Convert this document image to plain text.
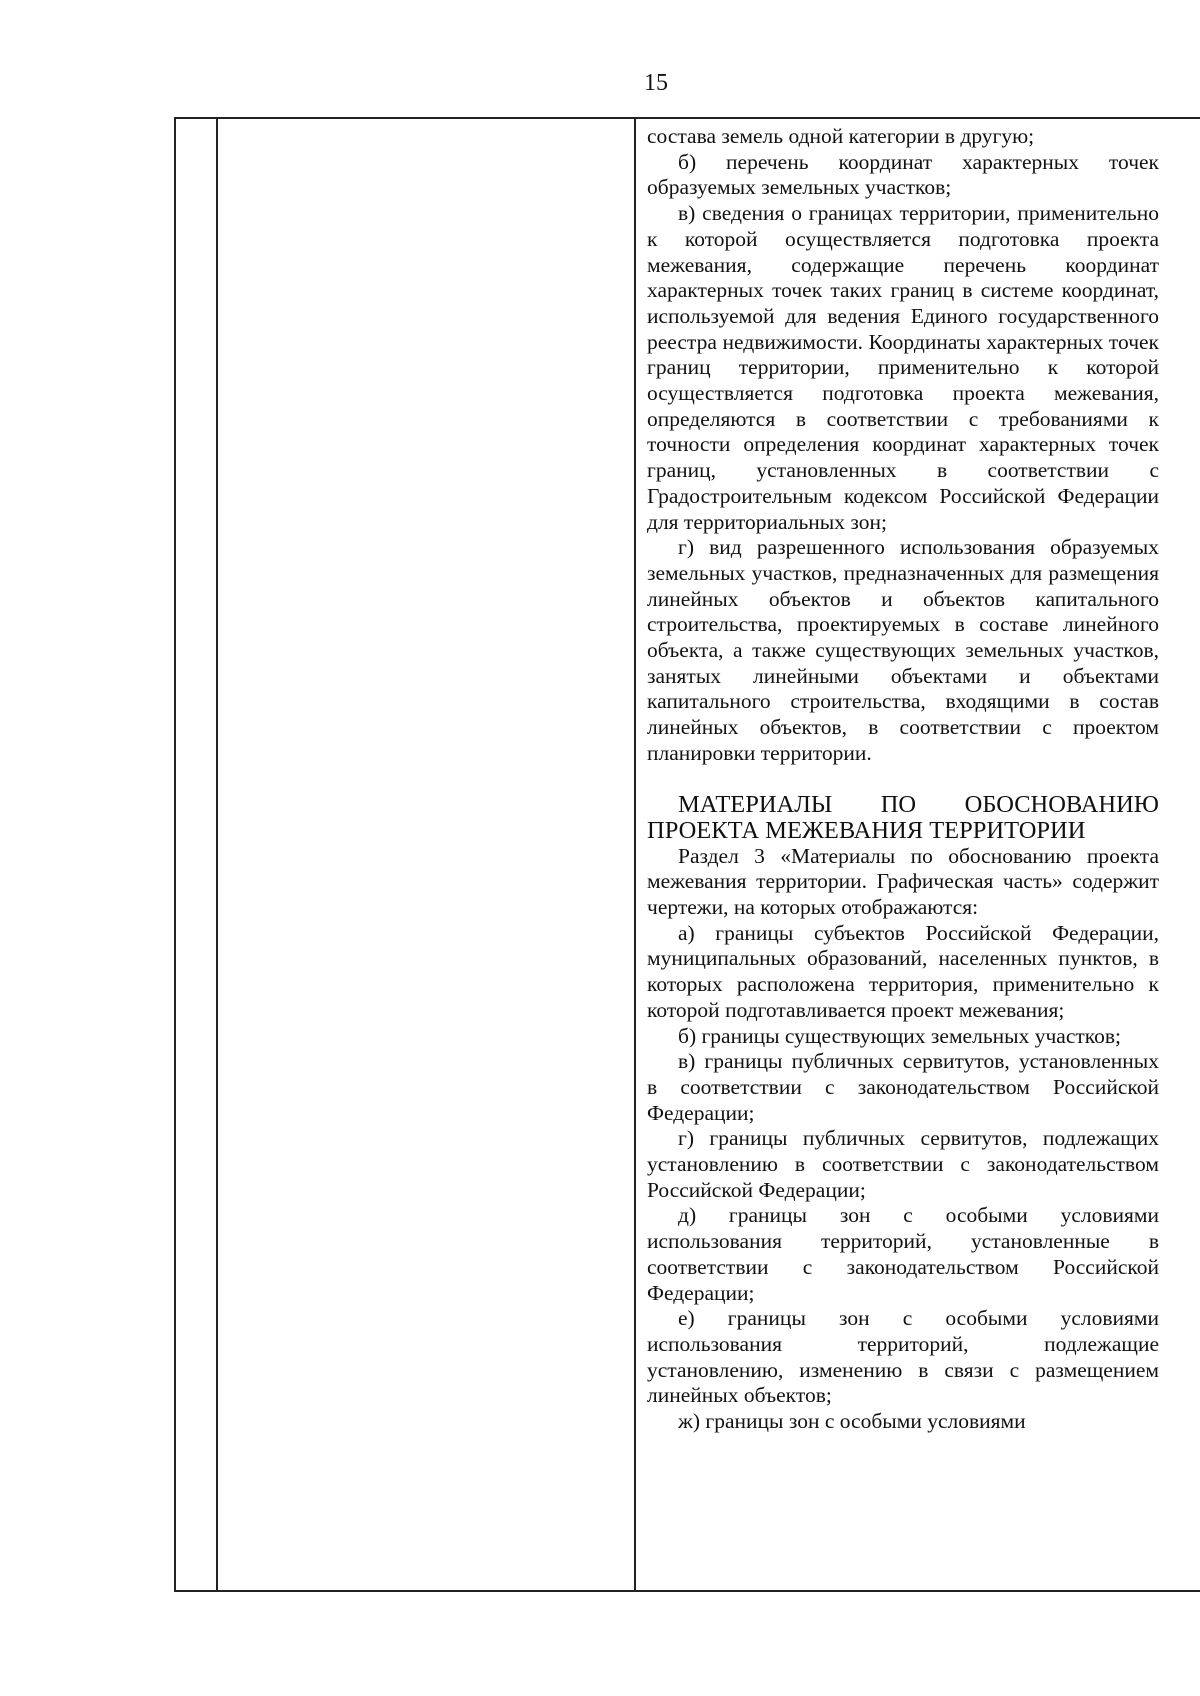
15

состава земель одной категории в другую;

б) перечень координат характерных точек образуемых земельных участков;

в) сведения о границах территории, применительно к которой осуществляется подготовка проекта межевания, содержащие перечень координат характерных точек таких границ в системе координат, используемой для ведения Единого государственного реестра недвижимости. Координаты характерных точек границ территории, применительно к которой осуществляется подготовка проекта межевания, определяются в соответствии с требованиями к точности определения координат характерных точек границ, установленных в соответствии с Градостроительным кодексом Российской Федерации для территориальных зон;

г) вид разрешенного использования образуемых земельных участков, предназначенных для размещения линейных объектов и объектов капитального строительства, проектируемых в составе линейного объекта, а также существующих земельных участков, занятых линейными объектами и объектами капитального строительства, входящими в состав линейных объектов, в соответствии с проектом планировки территории.

МАТЕРИАЛЫ ПО ОБОСНОВАНИЮ ПРОЕКТА МЕЖЕВАНИЯ ТЕРРИТОРИИ

Раздел 3 «Материалы по обоснованию проекта межевания территории. Графическая часть» содержит чертежи, на которых отображаются:

а) границы субъектов Российской Федерации, муниципальных образований, населенных пунктов, в которых расположена территория, применительно к которой подготавливается проект межевания;

б) границы существующих земельных участков;

в) границы публичных сервитутов, установленных в соответствии с законодательством Российской Федерации;

г) границы публичных сервитутов, подлежащих установлению в соответствии с законодательством Российской Федерации;

д) границы зон с особыми условиями использования территорий, установленные в соответствии с законодательством Российской Федерации;

е) границы зон с особыми условиями использования территорий, подлежащие установлению, изменению в связи с размещением линейных объектов;

ж) границы зон с особыми условиями
